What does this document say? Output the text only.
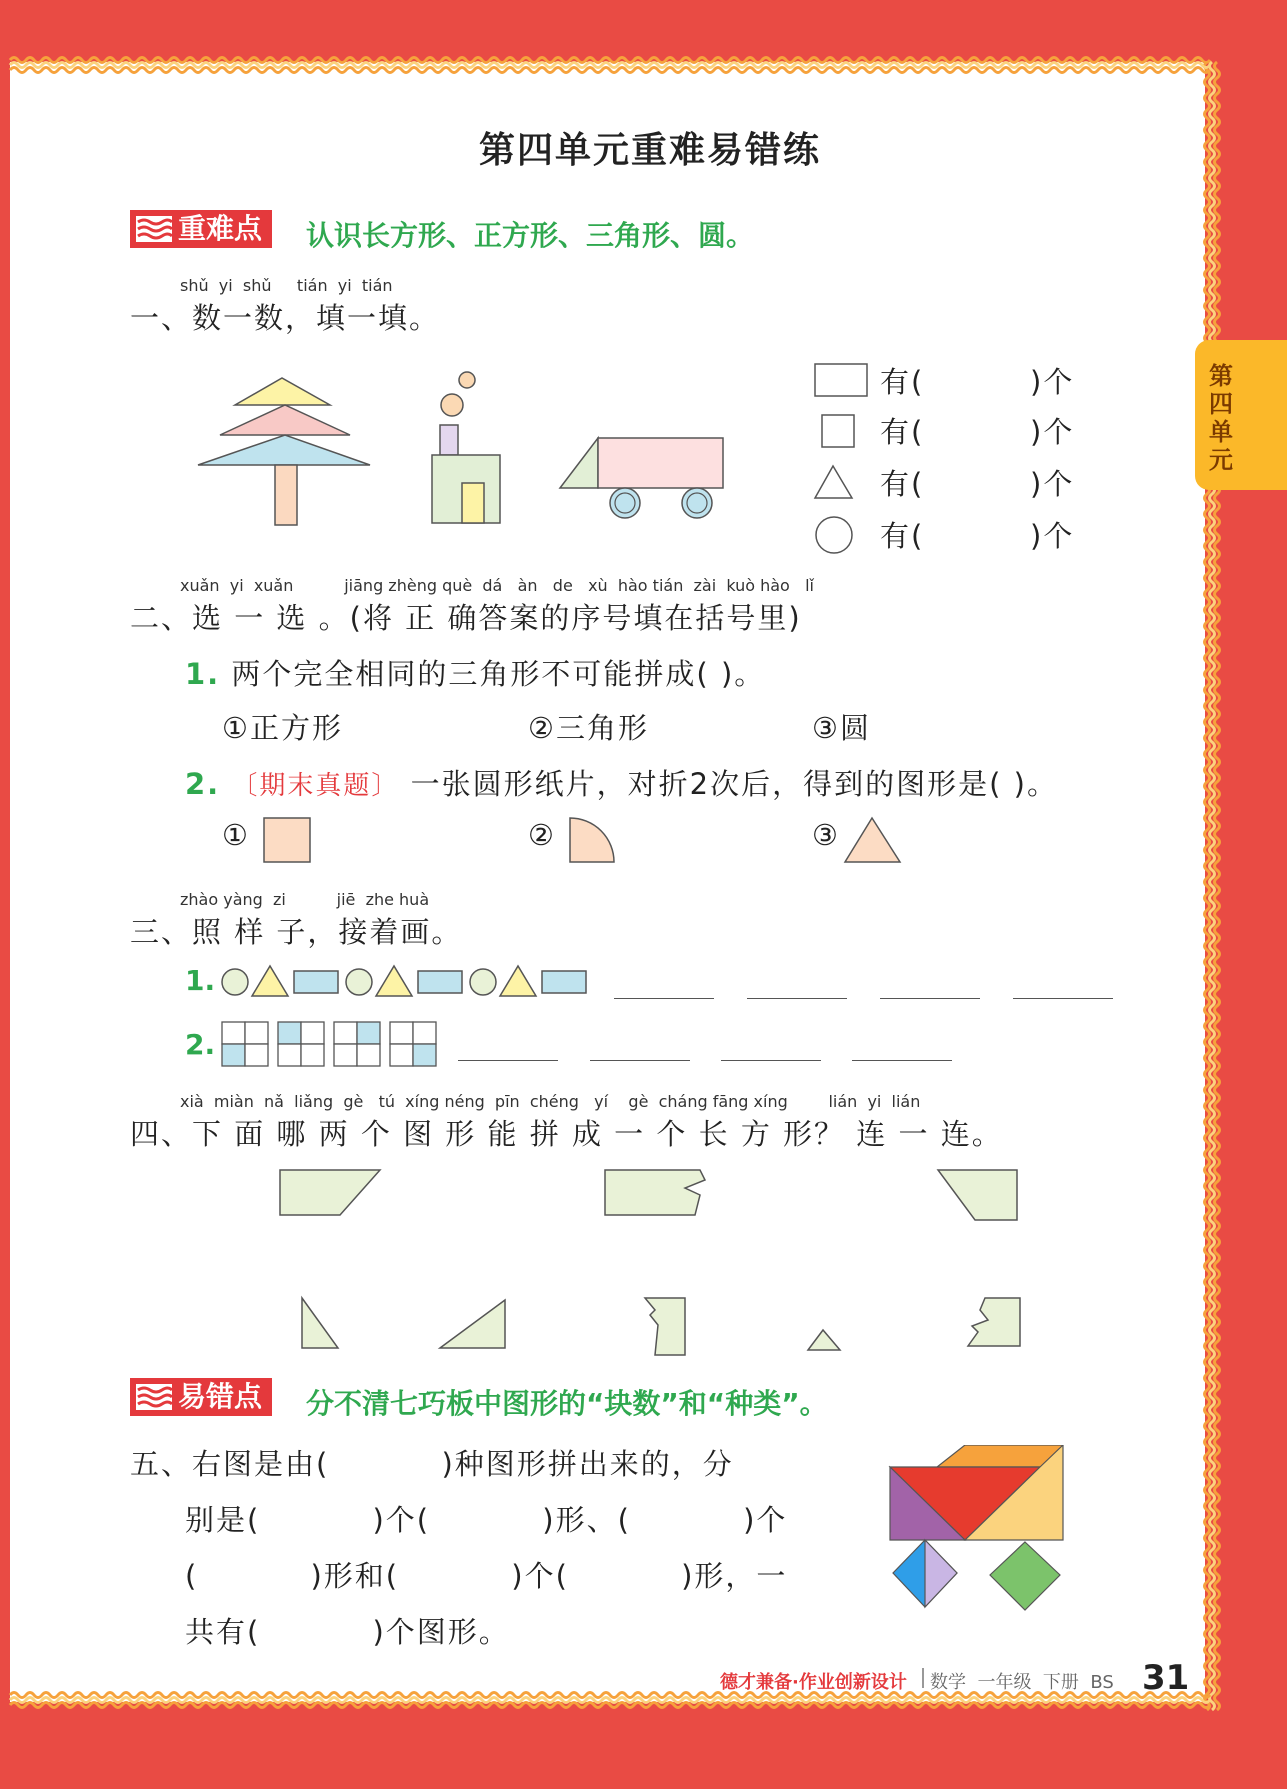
第四单元
第四单元重难易错练
重难点	认识长方形、正方形、三角形、圆。
shǔ  yi  shǔ     tián  yi  tián
一、数一数，填一填。
有(	)个
有(	)个
有(	)个
有(	)个
xuǎn  yi  xuǎn          jiāng zhèng què  dá   àn   de   xù  hào tián  zài  kuò hào   lǐ
二、选 一 选 。(将 正 确答案的序号填在括号里)
1. 两个完全相同的三角形不可能拼成( )。
①正方形	②三角形	③圆
2. 〔期末真题〕 一张圆形纸片，对折2次后，得到的图形是( )。
①	②	③
zhào yàng  zi          jiē  zhe huà
三、照 样 子，接着画。
1.
2.
xià  miàn  nǎ  liǎng  gè   tú  xíng néng  pīn  chéng   yí    gè  cháng fāng xíng        lián  yi  lián
四、下 面 哪 两 个 图 形 能 拼 成 一 个 长 方 形？ 连 一 连。
易错点	分不清七巧板中图形的“块数”和“种类”。
五、右图是由(          )种图形拼出来的，分
别是(          )个(          )形、(          )个
(          )形和(          )个(          )形，一
共有(          )个图形。
德才兼备·作业创新设计 数学  一年级  下册  BS 31
